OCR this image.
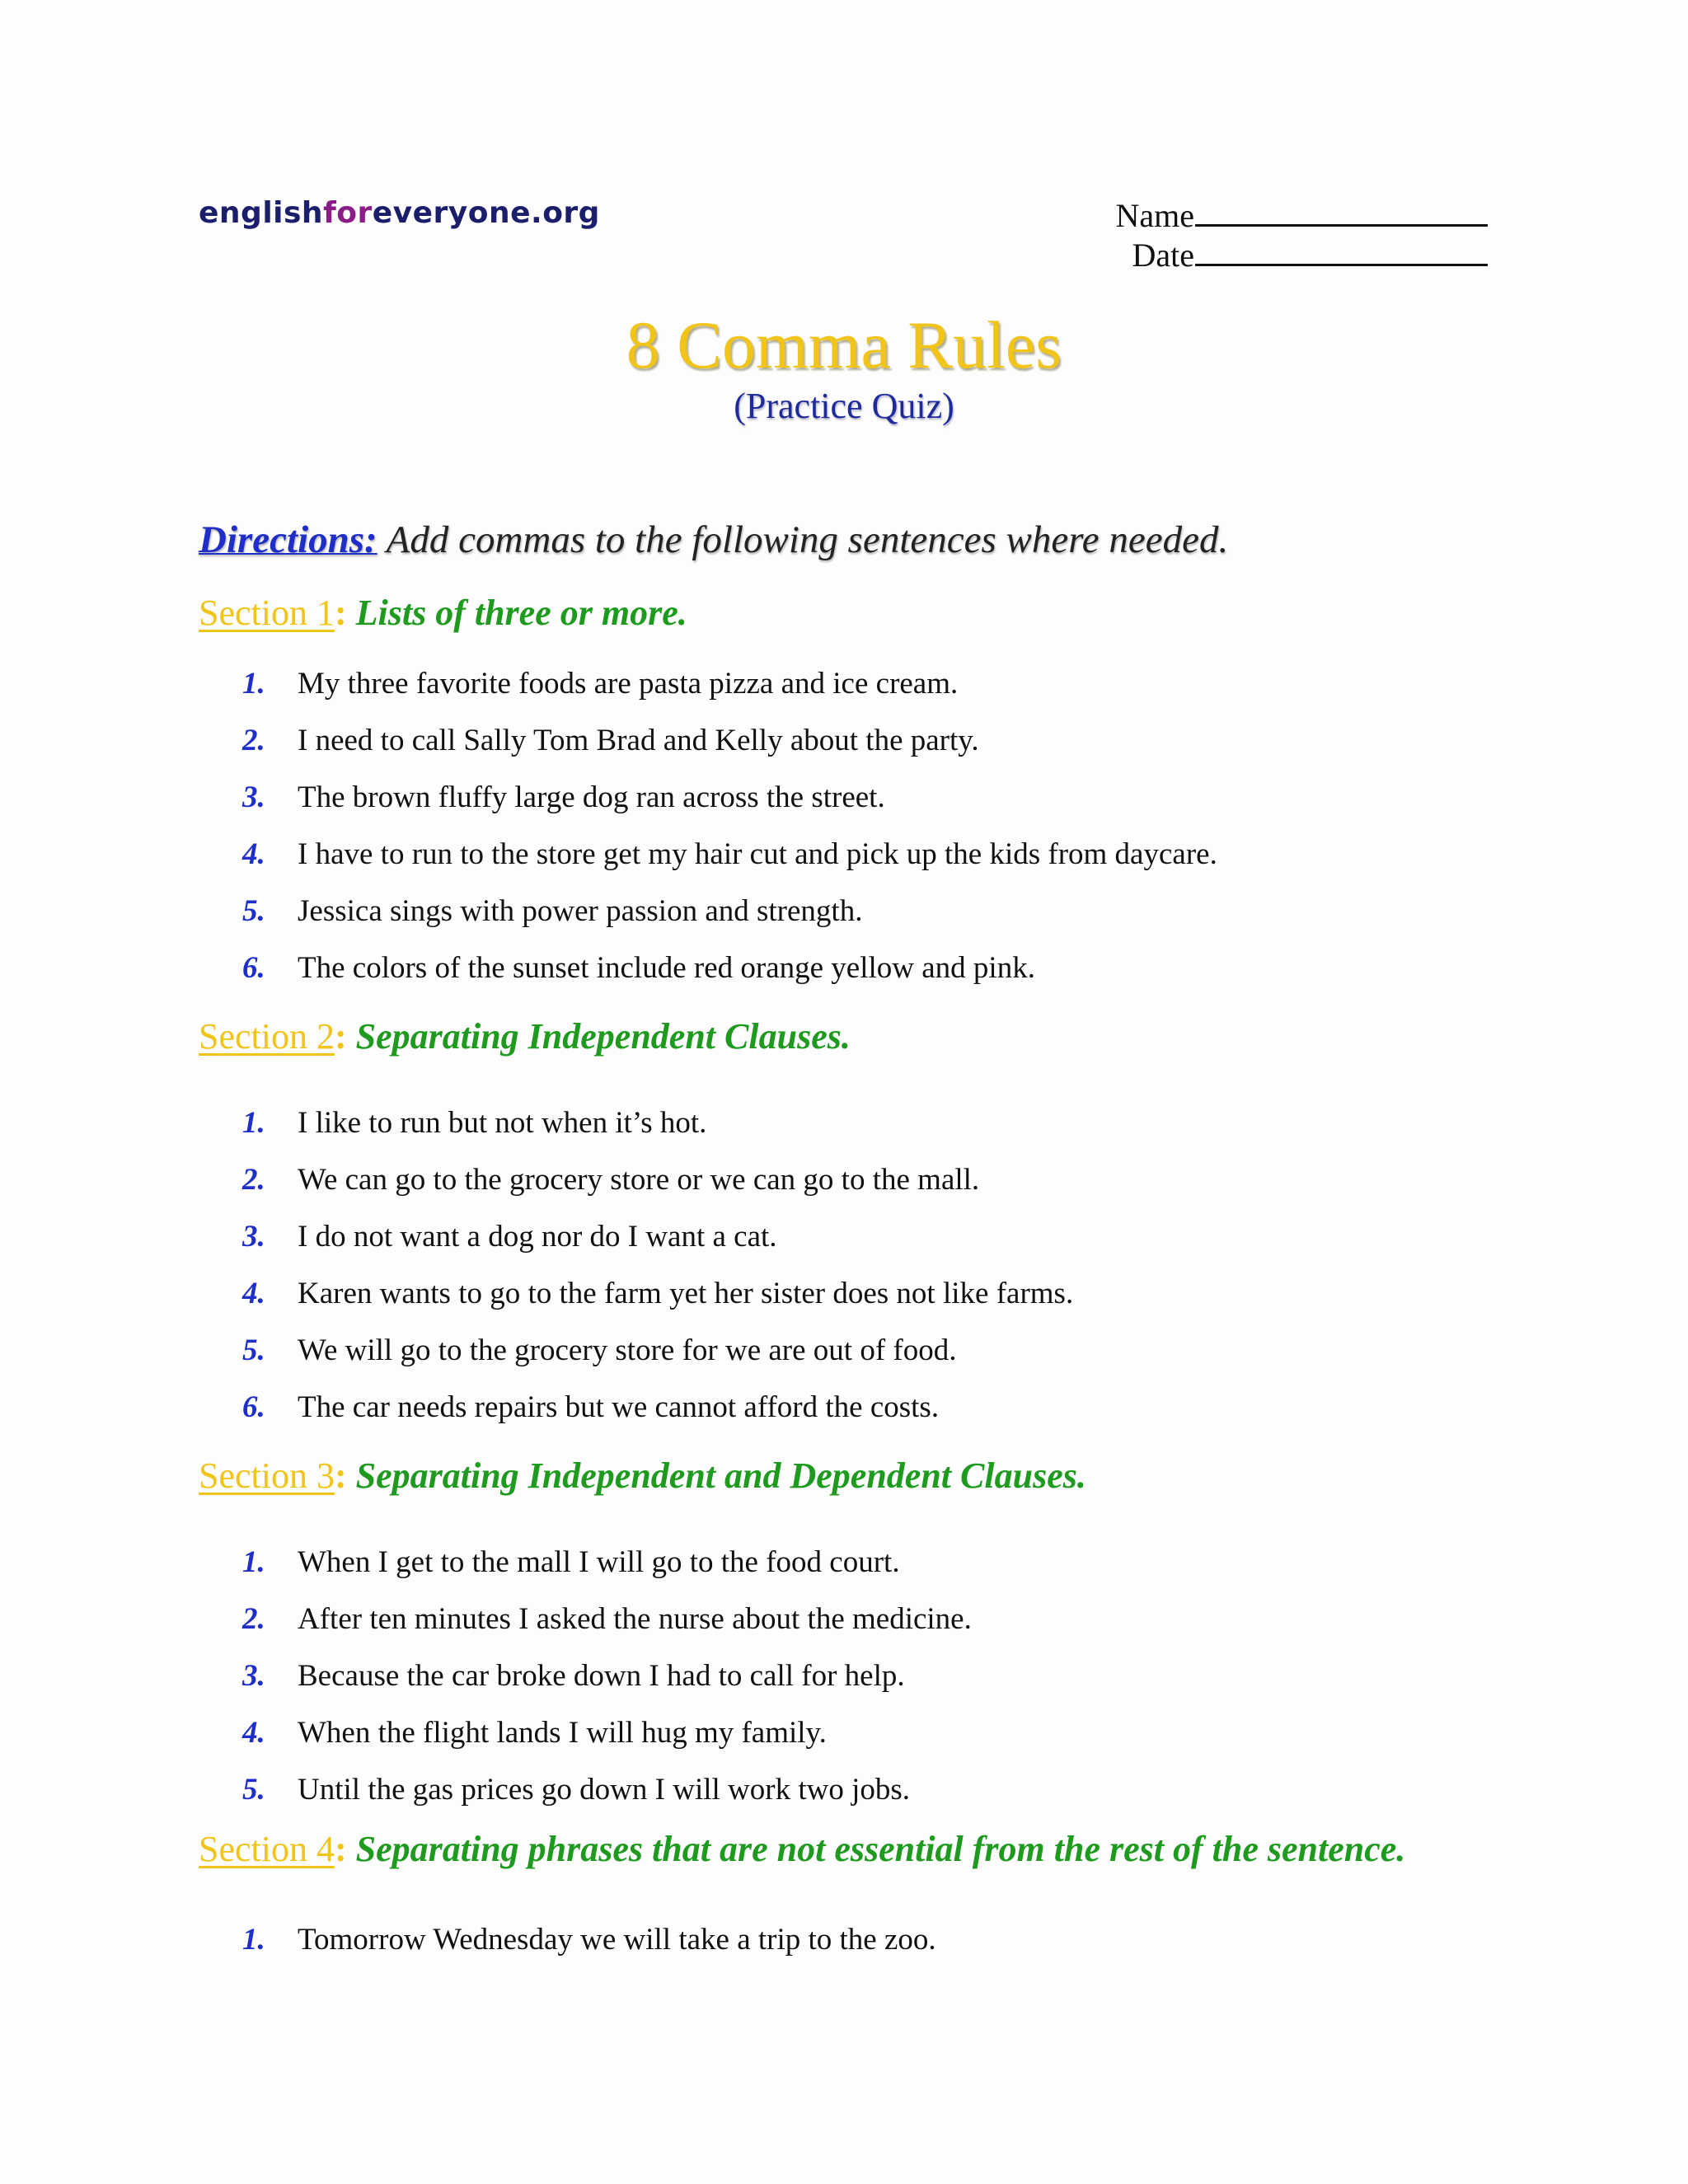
englishforeveryone.org	Name
Date
8 Comma Rules
(Practice Quiz)
Directions: Add commas to the following sentences where needed.
Section 1: Lists of three or more.
1.	My three favorite foods are pasta pizza and ice cream.
2.	I need to call Sally Tom Brad and Kelly about the party.
3.	The brown fluffy large dog ran across the street.
4.	I have to run to the store get my hair cut and pick up the kids from daycare.
5.	Jessica sings with power passion and strength.
6.	The colors of the sunset include red orange yellow and pink.
Section 2: Separating Independent Clauses.
1.	I like to run but not when it’s hot.
2.	We can go to the grocery store or we can go to the mall.
3.	I do not want a dog nor do I want a cat.
4.	Karen wants to go to the farm yet her sister does not like farms.
5.	We will go to the grocery store for we are out of food.
6.	The car needs repairs but we cannot afford the costs.
Section 3: Separating Independent and Dependent Clauses.
1.	When I get to the mall I will go to the food court.
2.	After ten minutes I asked the nurse about the medicine.
3.	Because the car broke down I had to call for help.
4.	When the flight lands I will hug my family.
5.	Until the gas prices go down I will work two jobs.
Section 4: Separating phrases that are not essential from the rest of the sentence.
1.	Tomorrow Wednesday we will take a trip to the zoo.
